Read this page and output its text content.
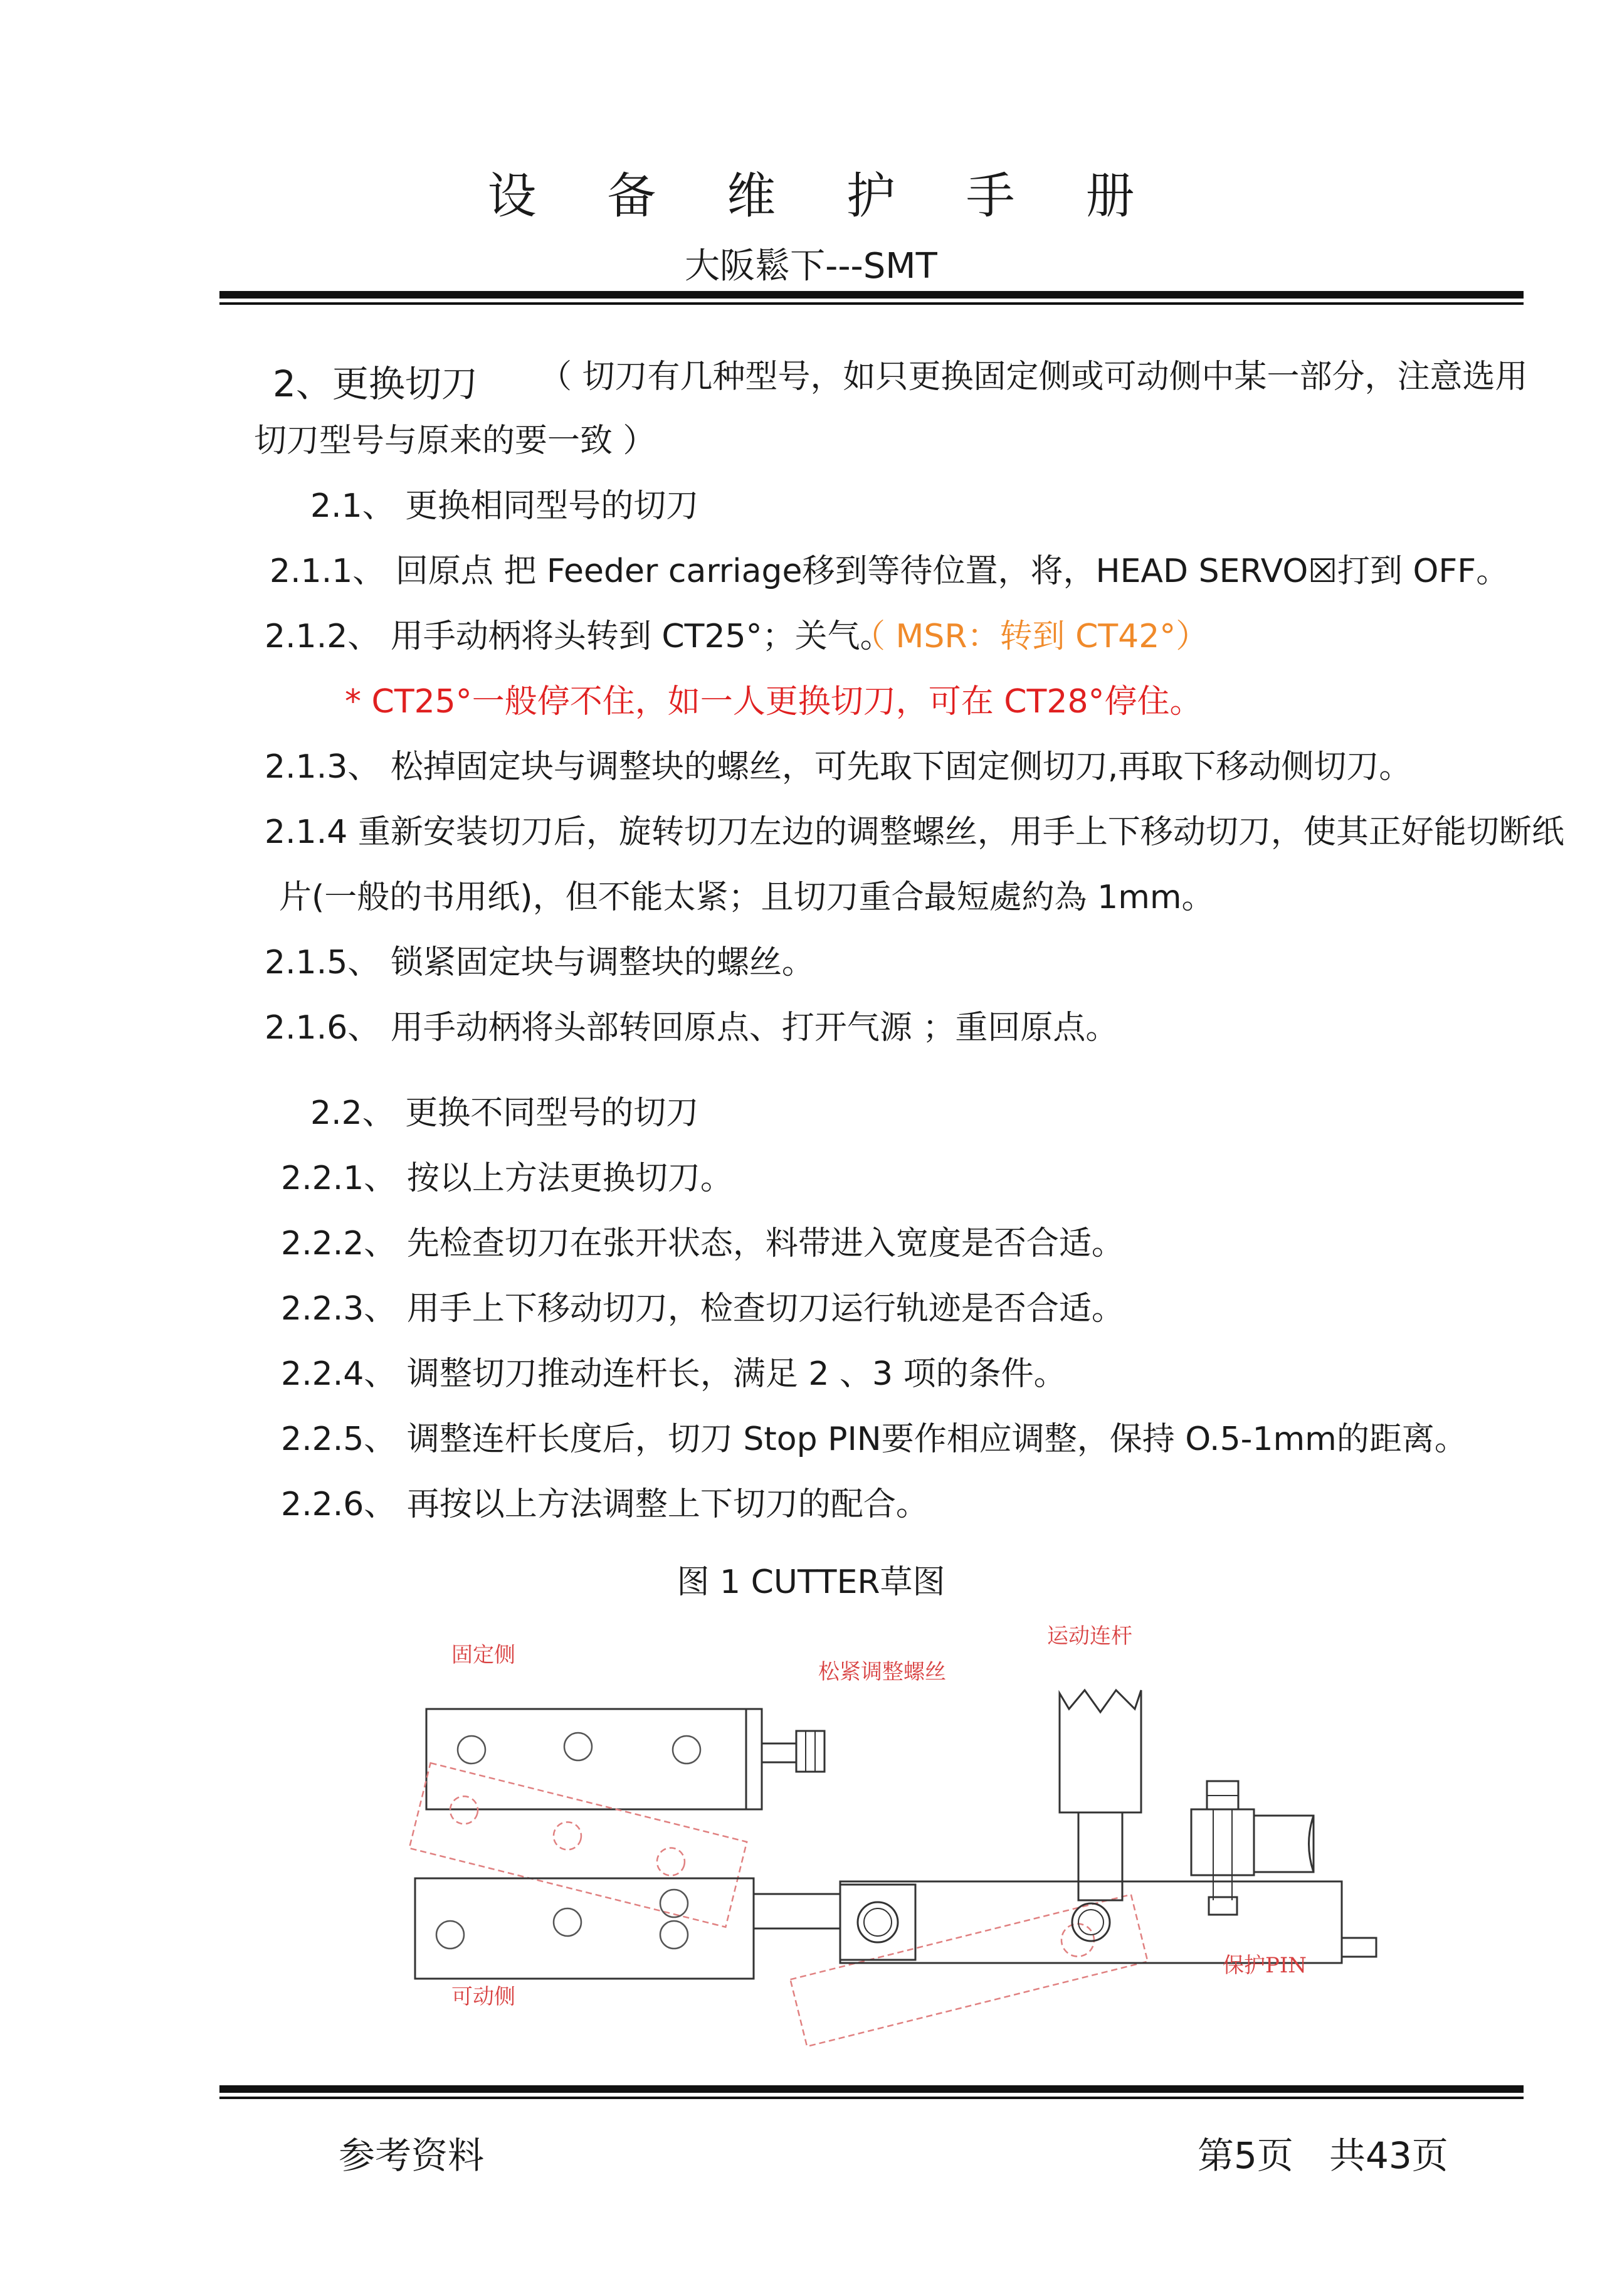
设 备 维 护 手 册
大阪鬆下---SMT
2、更换切刀 （ 切刀有几种型号，如只更换固定侧或可动侧中某一部分，注意选用
切刀型号与原来的要一致 ）
2.1、 更换相同型号的切刀
2.1.1、 回原点 把 Feeder carriage移到等待位置，将，HEAD SERVO☒打到 OFF。
2.1.2、 用手动柄将头转到 CT25°；关气。
（ MSR：转到 CT42°）
* CT25°一般停不住，如一人更换切刀，可在 CT28°停住。
2.1.3、 松掉固定块与调整块的螺丝，可先取下固定侧切刀,再取下移动侧切刀。
2.1.4 重新安装切刀后，旋转切刀左边的调整螺丝，用手上下移动切刀，使其正好能切断纸
片(一般的书用纸)，但不能太紧；且切刀重合最短處約為 1mm。
2.1.5、 锁紧固定块与调整块的螺丝。
2.1.6、 用手动柄将头部转回原点、打开气源 ；重回原点。
2.2、 更换不同型号的切刀
2.2.1、 按以上方法更换切刀。
2.2.2、 先检查切刀在张开状态，料带进入宽度是否合适。
2.2.3、 用手上下移动切刀，检查切刀运行轨迹是否合适。
2.2.4、 调整切刀推动连杆长，满足 2 、3 项的条件。
2.2.5、 调整连杆长度后，切刀 Stop PIN要作相应调整，保持 O.5-1mm的距离。
2.2.6、 再按以上方法调整上下切刀的配合。
图 1 CUTTER草图
固定侧
松紧调整螺丝
运动连杆
可动侧
保护PIN
参考资料	第5页 共43页
